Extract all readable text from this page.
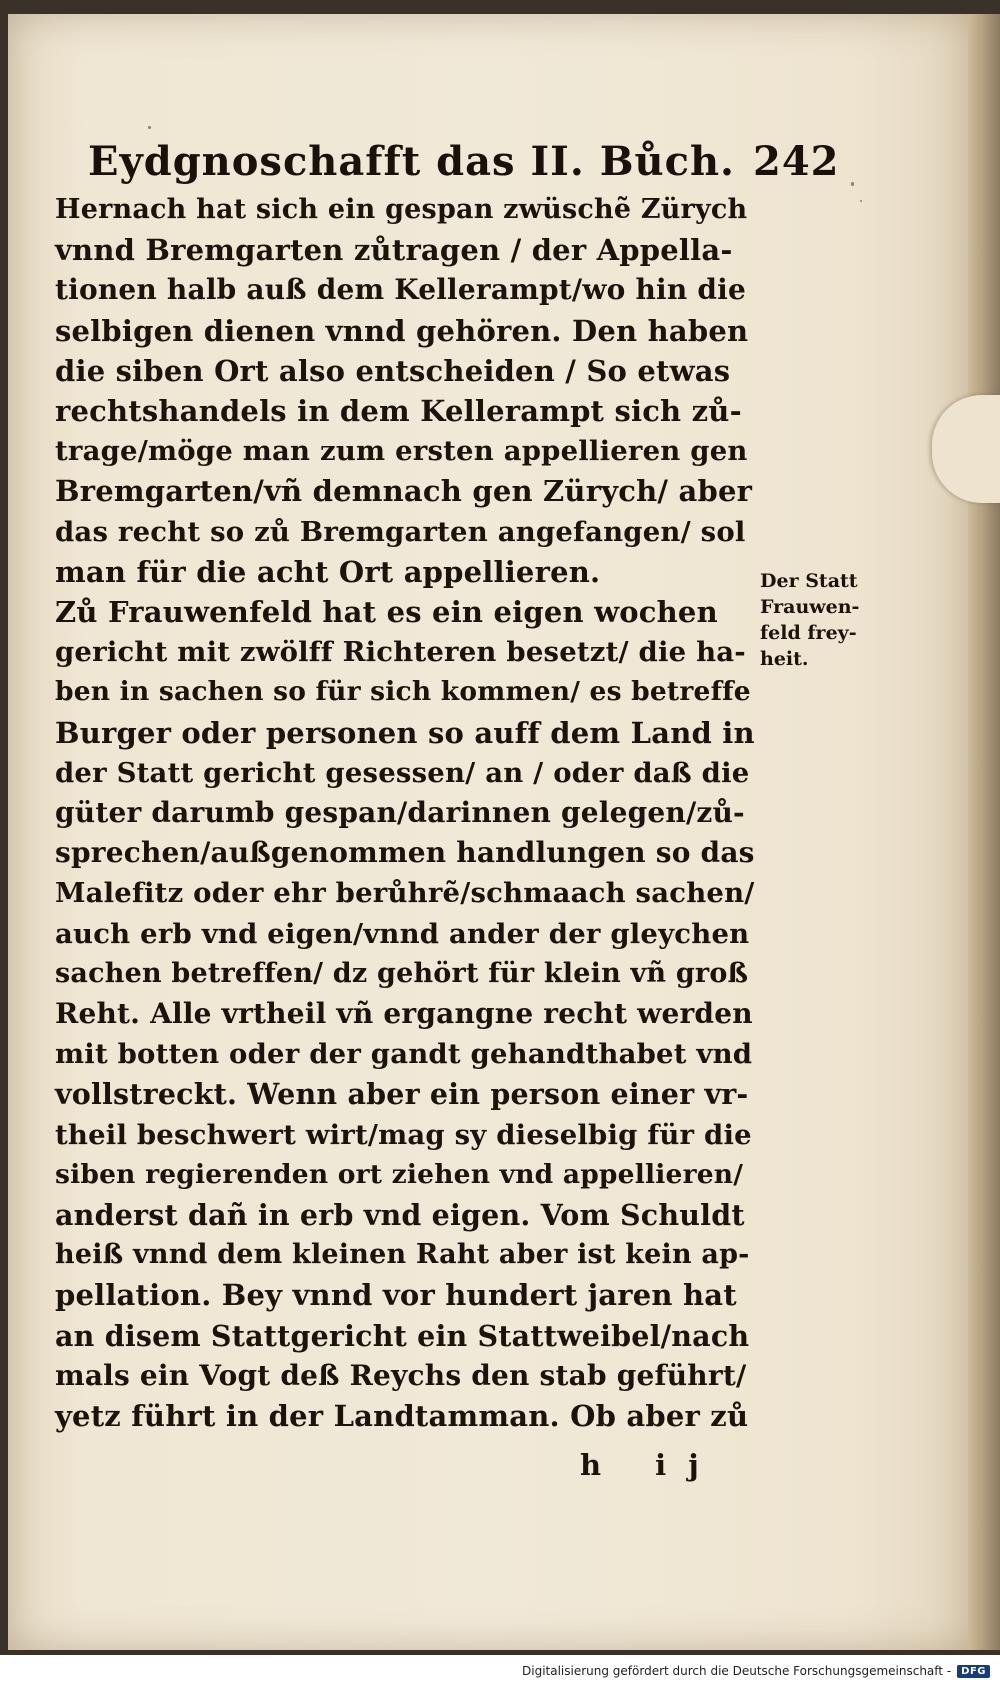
Eydgnoschafft das II. Bůch. 242
Hernach hat sich ein gespan zwüschẽ Zürych
vnnd Bremgarten zůtragen / der Appella-
tionen halb auß dem Kellerampt/wo hin die
selbigen dienen vnnd gehören. Den haben
die siben Ort also entscheiden / So etwas
rechtshandels in dem Kellerampt sich zů-
trage/möge man zum ersten appellieren gen
Bremgarten/vñ demnach gen Zürych/ aber
das recht so zů Bremgarten angefangen/ sol
man für die acht Ort appellieren.
Zů Frauwenfeld hat es ein eigen wochen
gericht mit zwölff Richteren besetzt/ die ha-
ben in sachen so für sich kommen/ es betreffe
Burger oder personen so auff dem Land in
der Statt gericht gesessen/ an / oder daß die
güter darumb gespan/darinnen gelegen/zů-
sprechen/außgenommen handlungen so das
Malefitz oder ehr berůhrẽ/schmaach sachen/
auch erb vnd eigen/vnnd ander der gleychen
sachen betreffen/ dz gehört für klein vñ groß
Reht. Alle vrtheil vñ ergangne recht werden
mit botten oder der gandt gehandthabet vnd
vollstreckt. Wenn aber ein person einer vr-
theil beschwert wirt/mag sy dieselbig für die
siben regierenden ort ziehen vnd appellieren/
anderst dañ in erb vnd eigen. Vom Schuldt
heiß vnnd dem kleinen Raht aber ist kein ap-
pellation. Bey vnnd vor hundert jaren hat
an disem Stattgericht ein Stattweibel/nach
mals ein Vogt deß Reychs den stab geführt/
yetz führt in der Landtamman. Ob aber zů
Der Statt
Frauwen-
feld frey-
heit.
h ij
Digitalisierung gefördert durch die Deutsche Forschungsgemeinschaft -	DFG
